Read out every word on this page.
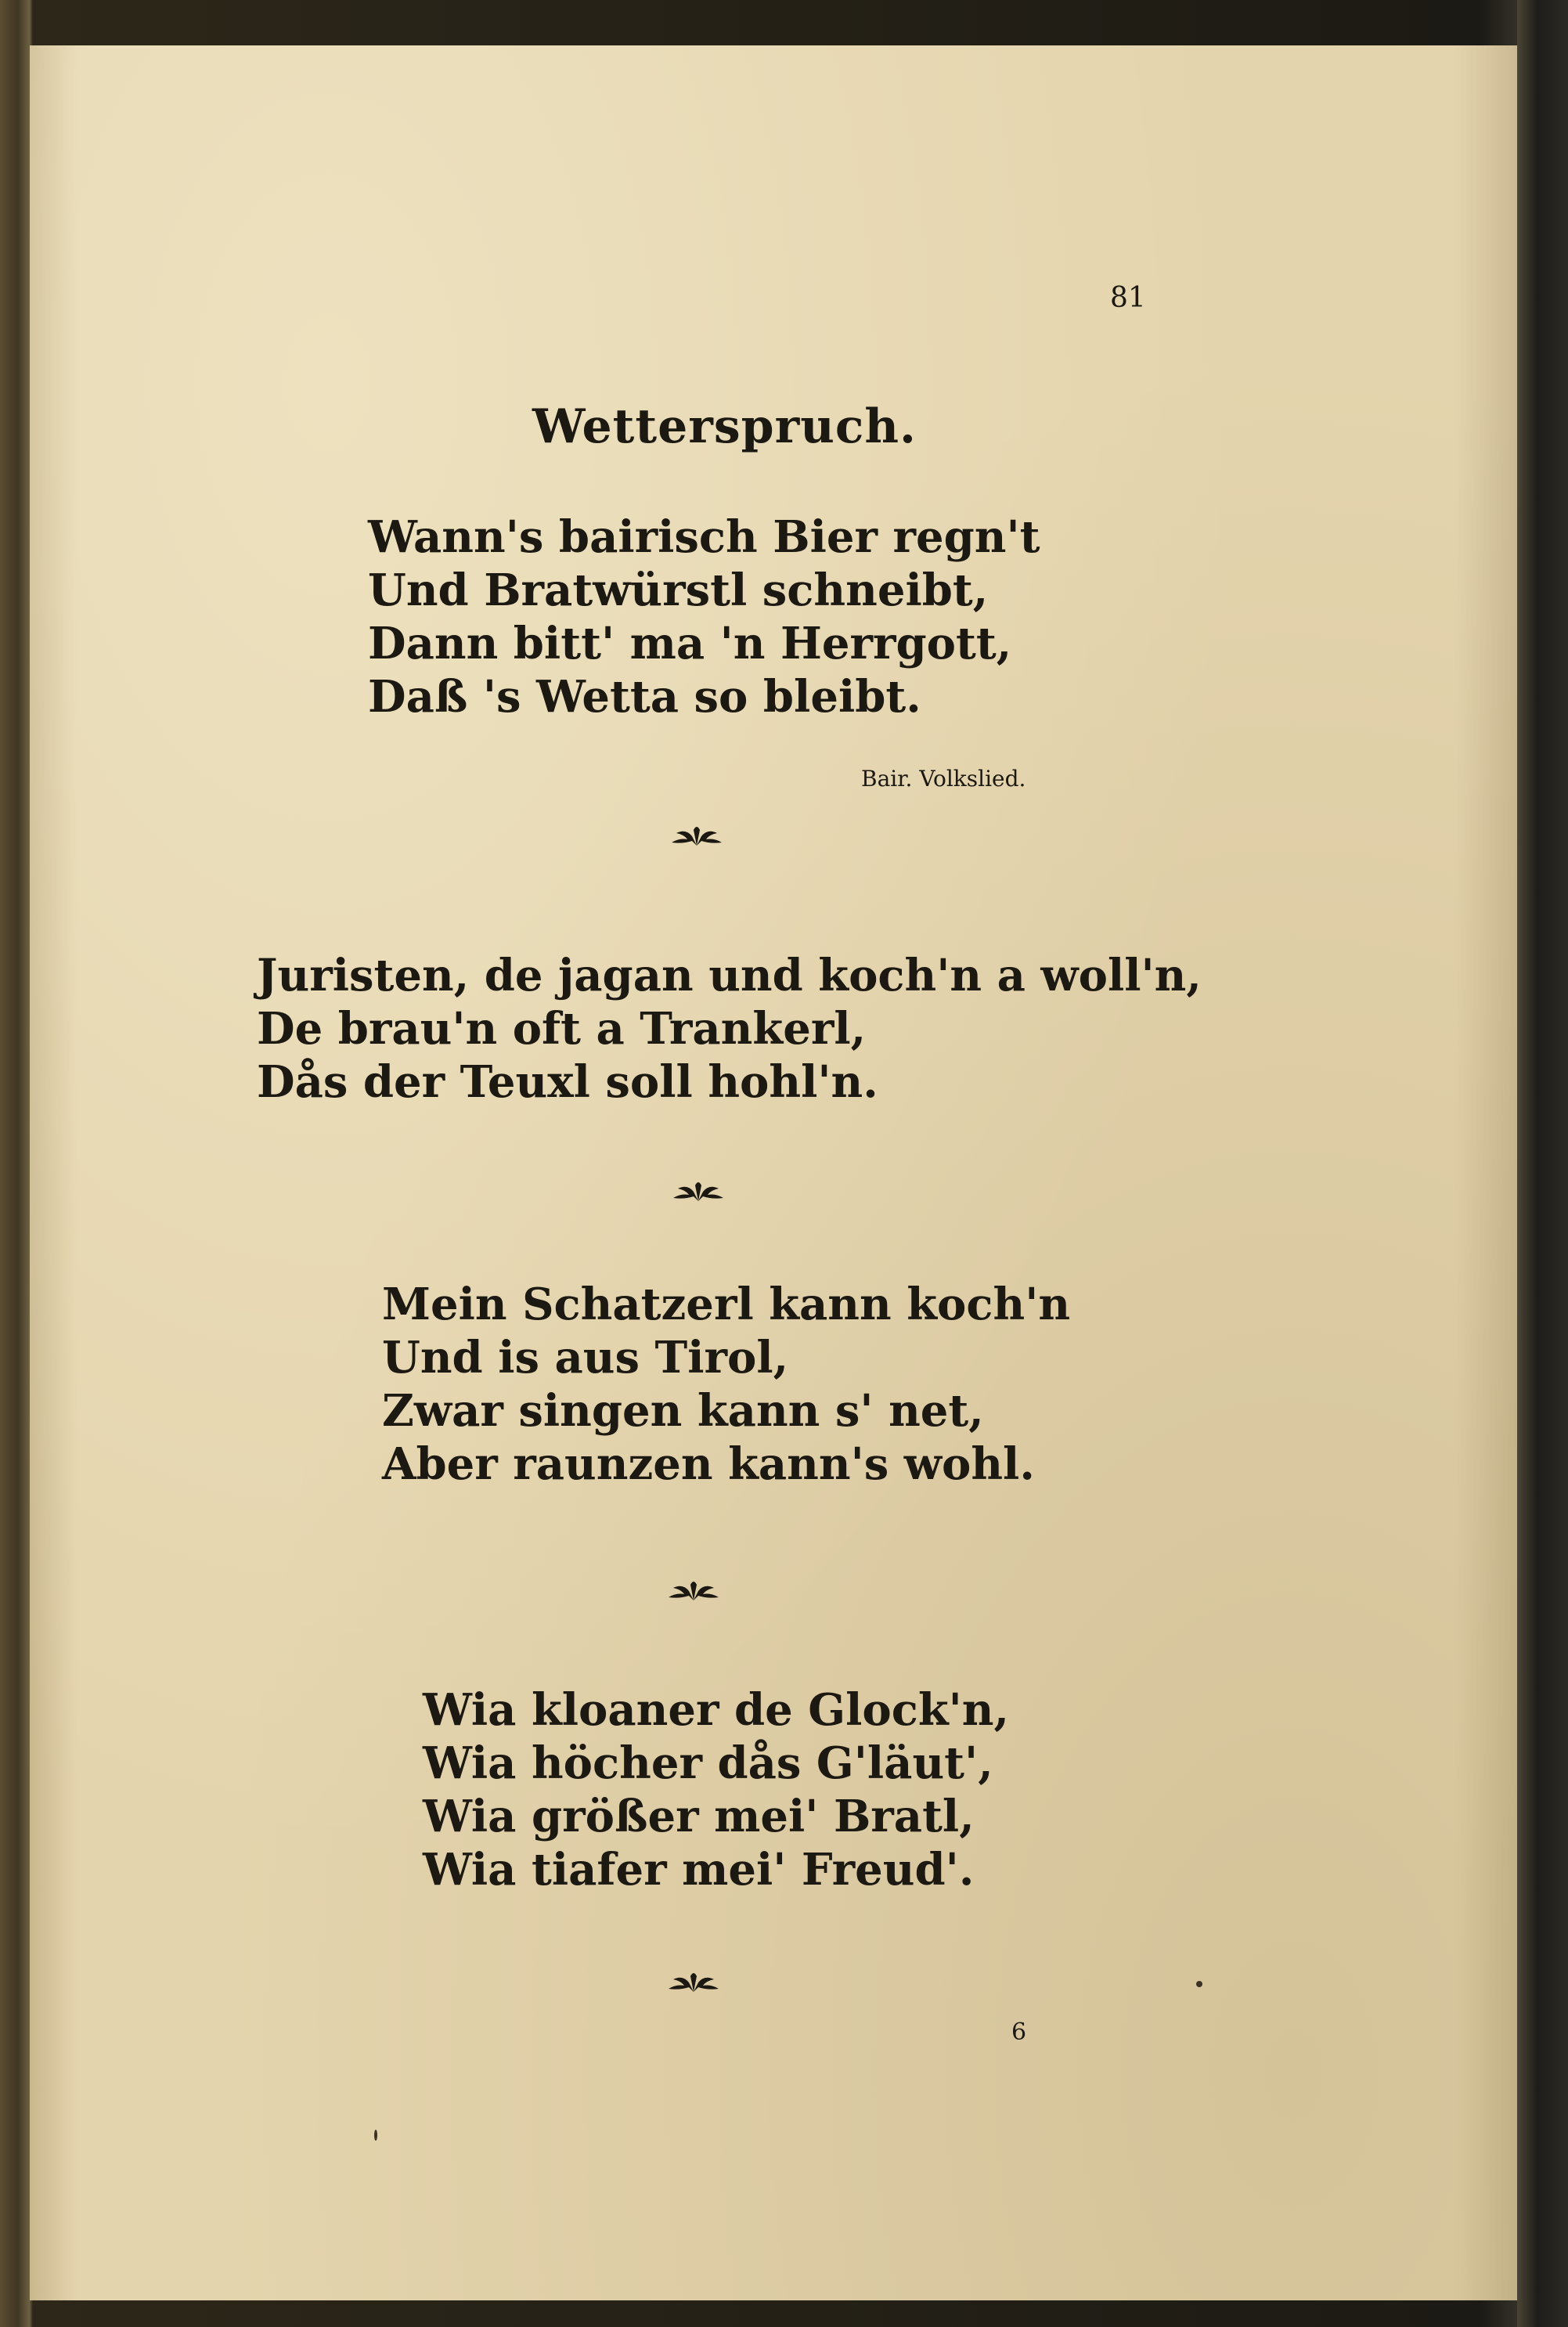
81
Wetterspruch.
Wann's bairisch Bier regn't
Und Bratwürstl schneibt,
Dann bitt' ma 'n Herrgott,
Daß 's Wetta so bleibt.
Bair. Volkslied.
Juristen, de jagan und koch'n a woll'n,
De brau'n oft a Trankerl,
Dås der Teuxl soll hohl'n.
Mein Schatzerl kann koch'n
Und is aus Tirol,
Zwar singen kann s' net,
Aber raunzen kann's wohl.
Wia kloaner de Glock'n,
Wia höcher dås G'läut',
Wia größer mei' Bratl,
Wia tiafer mei' Freud'.
6
